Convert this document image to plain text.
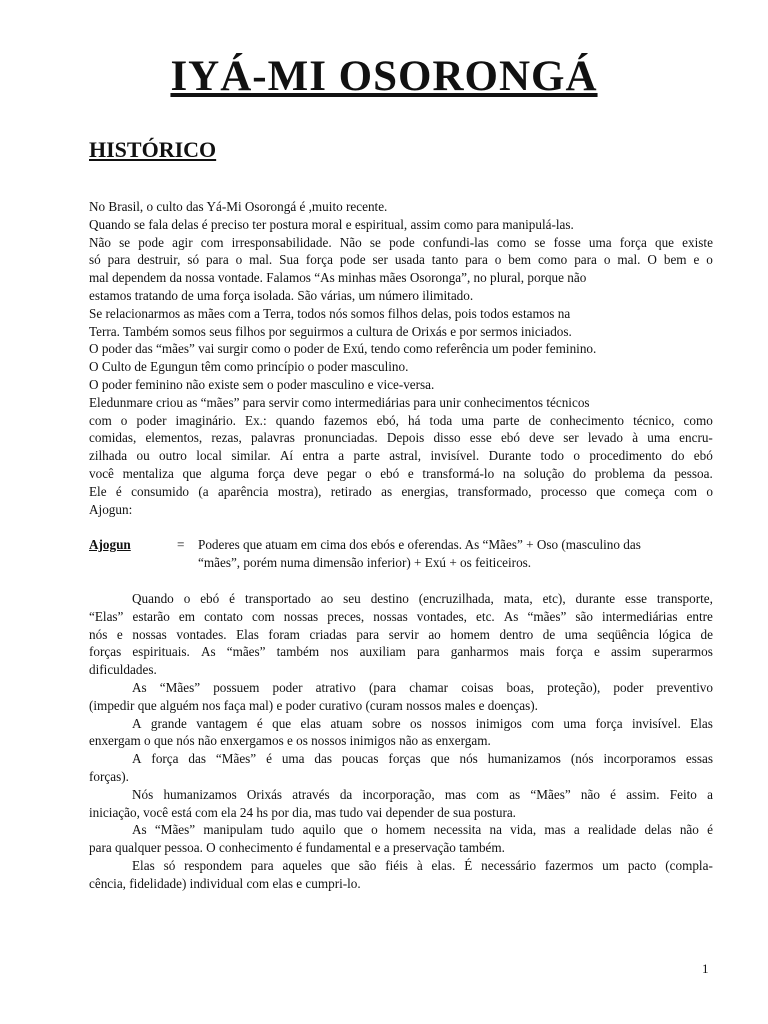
IYÁ-MI OSORONGÁ
HISTÓRICO
No Brasil, o culto das Yá-Mi Osorongá é ,muito recente.
Quando se fala delas é preciso ter postura moral e espiritual, assim como para manipulá-las.
Não se pode agir com irresponsabilidade. Não se pode confundi-las como se fosse uma força que existe
só para destruir, só para o mal. Sua força pode ser usada tanto para o bem como para o mal. O bem e o
mal dependem da nossa vontade. Falamos “As minhas mães Osoronga”, no plural, porque não
estamos tratando de uma força isolada. São várias, um número ilimitado.
Se relacionarmos as mães com a Terra, todos nós somos filhos delas, pois todos estamos na
Terra. Também somos seus filhos por seguirmos a cultura de Orixás e por sermos iniciados.
O poder das “mães” vai surgir como o poder de Exú, tendo como referência um poder feminino.
O Culto de Egungun têm como princípio o poder masculino.
O poder feminino não existe sem o poder masculino e vice-versa.
Eledunmare criou as “mães” para servir como intermediárias para unir conhecimentos técnicos
com o poder imaginário. Ex.: quando fazemos ebó, há toda uma parte de conhecimento técnico, como
comidas, elementos, rezas, palavras pronunciadas. Depois disso esse ebó deve ser levado à uma encru-
zilhada ou outro local similar. Aí entra a parte astral, invisível. Durante todo o procedimento do ebó
você mentaliza que alguma força deve pegar o ebó e transformá-lo na solução do problema da pessoa.
Ele é consumido (a aparência mostra), retirado as energias, transformado, processo que começa com o
Ajogun:
Ajogun	=	Poderes que atuam em cima dos ebós e oferendas. As “Mães” + Oso (masculino das
“mães”, porém numa dimensão inferior) + Exú + os feiticeiros.
Quando o ebó é transportado ao seu destino (encruzilhada, mata, etc), durante esse transporte,
“Elas” estarão em contato com nossas preces, nossas vontades, etc. As “mães” são intermediárias entre
nós e nossas vontades. Elas foram criadas para servir ao homem dentro de uma seqüência lógica de
forças espirituais. As “mães” também nos auxiliam para ganharmos mais força e assim superarmos
dificuldades.
As “Mães” possuem poder atrativo (para chamar coisas boas, proteção), poder preventivo
(impedir que alguém nos faça mal) e poder curativo (curam nossos males e doenças).
A grande vantagem é que elas atuam sobre os nossos inimigos com uma força invisível. Elas
enxergam o que nós não enxergamos e os nossos inimigos não as enxergam.
A força das “Mães” é uma das poucas forças que nós humanizamos (nós incorporamos essas
forças).
Nós humanizamos Orixás através da incorporação, mas com as “Mães” não é assim. Feito a
iniciação, você está com ela 24 hs por dia, mas tudo vai depender de sua postura.
As “Mães” manipulam tudo aquilo que o homem necessita na vida, mas a realidade delas não é
para qualquer pessoa. O conhecimento é fundamental e a preservação também.
Elas só respondem para aqueles que são fiéis à elas. É necessário fazermos um pacto (compla-
cência, fidelidade) individual com elas e cumpri-lo.
1
